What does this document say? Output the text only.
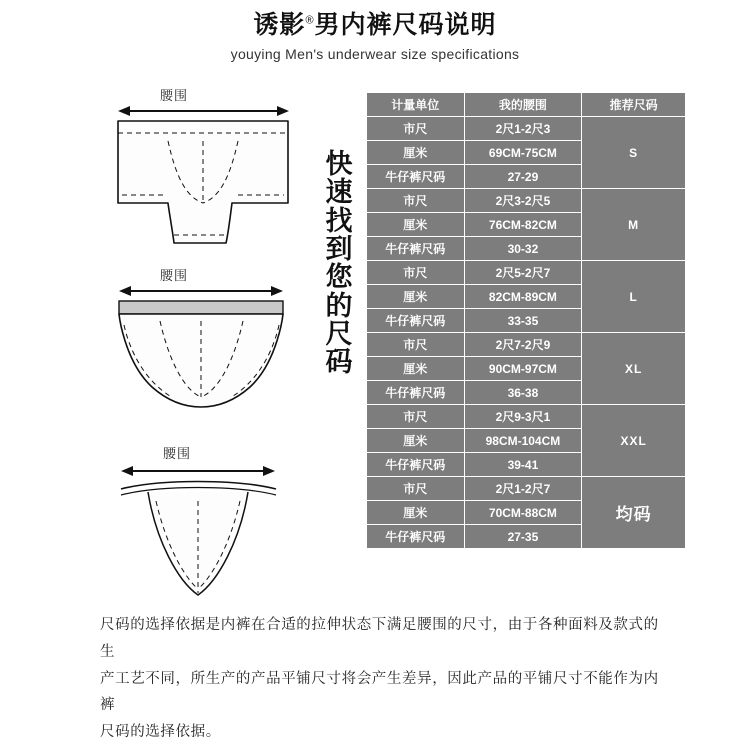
诱影®男内裤尺码说明
youying Men's underwear size specifications
腰围
腰围
腰围
快
速
找
到
您
的
尺
码
计量单位	我的腰围	推荐尺码
市尺	2尺1-2尺3	S
厘米	69CM-75CM	
牛仔裤尺码	27-29	
市尺	2尺3-2尺5	M
厘米	76CM-82CM	
牛仔裤尺码	30-32	
市尺	2尺5-2尺7	L
厘米	82CM-89CM	
牛仔裤尺码	33-35	
市尺	2尺7-2尺9	XL
厘米	90CM-97CM	
牛仔裤尺码	36-38	
市尺	2尺9-3尺1	XXL
厘米	98CM-104CM	
牛仔裤尺码	39-41	
市尺	2尺1-2尺7	均码
厘米	70CM-88CM	
牛仔裤尺码	27-35	

尺码的选择依据是内裤在合适的拉伸状态下满足腰围的尺寸，由于各种面料及款式的生

产工艺不同，所生产的产品平铺尺寸将会产生差异，因此产品的平铺尺寸不能作为内裤

尺码的选择依据。
